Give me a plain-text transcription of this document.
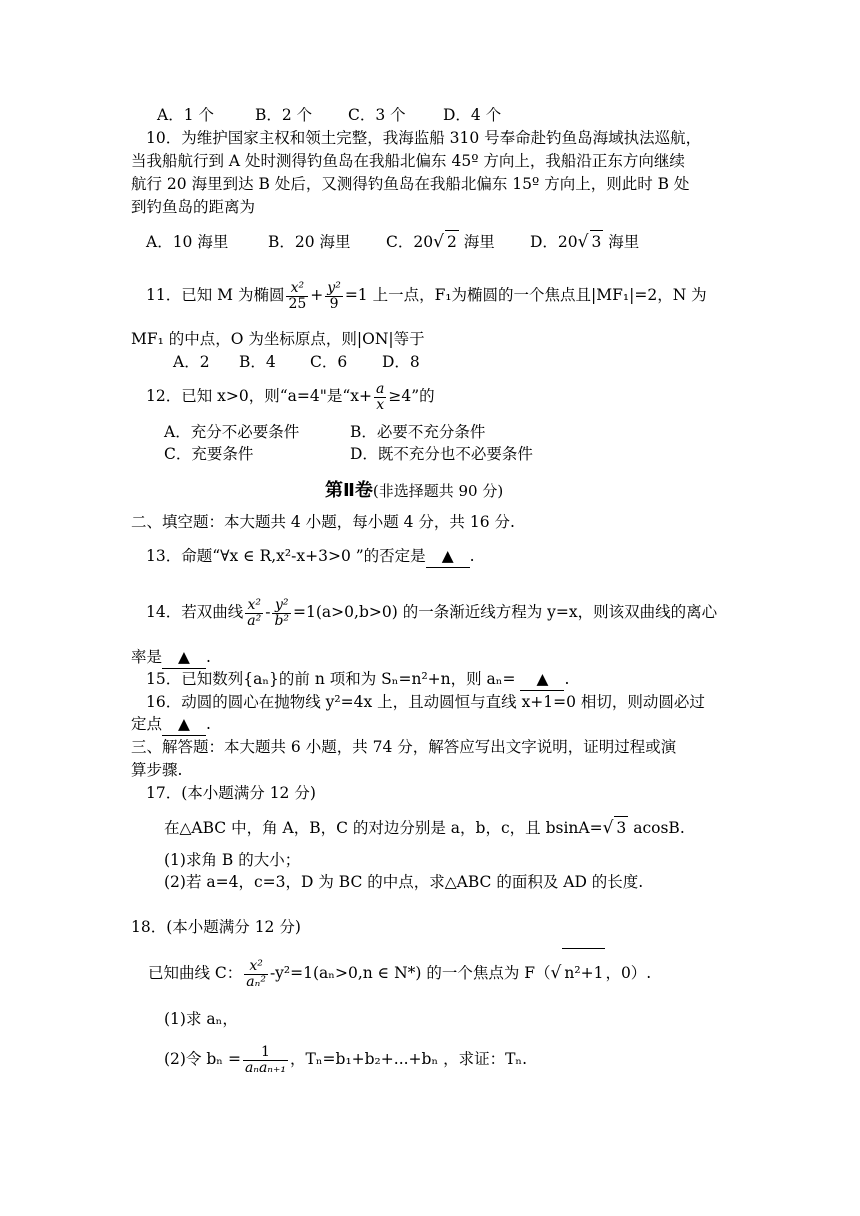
A．1 个	B．2 个 C．3 个 D．4 个
10．为维护国家主权和领土完整，我海监船 310 号奉命赴钓鱼岛海域执法巡航，
当我船航行到 A 处时测得钓鱼岛在我船北偏东 45º 方向上，我船沿正东方向继续
航行 20 海里到达 B 处后，又测得钓鱼岛在我船北偏东 15º 方向上，则此时 B 处
到钓鱼岛的距离为
A．10 海里	B．20 海里 C．20√ 2 海里 D．20√ 3 海里
11．已知 M 为椭圆 $\frac{\text{x²}}{25} + \frac{\text{y²}}{9} =1$ 上一点，F₁为椭圆的一个焦点且|MF₁|=2，N 为
MF₁ 的中点，O 为坐标原点，则|ON|等于
A．2 B．4 C．6 D．8
12．已知 x>0，则“a=4"是“$x+ \frac{a}{x} \ge 4$”的
A．充分不必要条件	B．必要不充分条件
C．充要条件	D．既不充分也不必要条件
第Ⅱ卷(非选择题共 90 分)
二、填空题：本大题共 4 小题，每小题 4 分，共 16 分.
13．命题“∀x ∈ R,x²-x+3>0 ”的否定是 ▲ .
14．若双曲线 $\frac{\text{x²}}{\text{a²}} - \frac{\text{y²}}{\text{b²}} =1(a>0,b>0)$ 的一条渐近线方程为 y=x，则该双曲线的离心
率是 ▲ .
15．已知数列{aₙ}的前 n 项和为 Sₙ=n²+n，则 aₙ= ▲ .
16．动圆的圆心在抛物线 y²=4x 上，且动圆恒与直线 x+1=0 相切，则动圆必过
定点 ▲ .
三、解答题：本大题共 6 小题，共 74 分，解答应写出文字说明，证明过程或演
算步骤.
17．(本小题满分 12 分)
在△ABC 中，角 A，B，C 的对边分别是 a，b，c，且 bsinA=√ 3 acosB.
(1)求角 B 的大小；
(2)若 a=4，c=3，D 为 BC 的中点，求△ABC 的面积及 AD 的长度.
18．(本小题满分 12 分)
已知曲线 C： $\frac{\text{x²}}{\text{aₙ²}} -y^2=1(a_n>0,n$ ∈ N*) 的一个焦点为 F（√ n²+1 ，0）.
(1)求 aₙ，
(2)令 $b_n = \frac{1}{\text{aₙaₙ₊₁}}$ ，Tₙ=b₁+b₂+...+bₙ ，求证：Tₙ.
